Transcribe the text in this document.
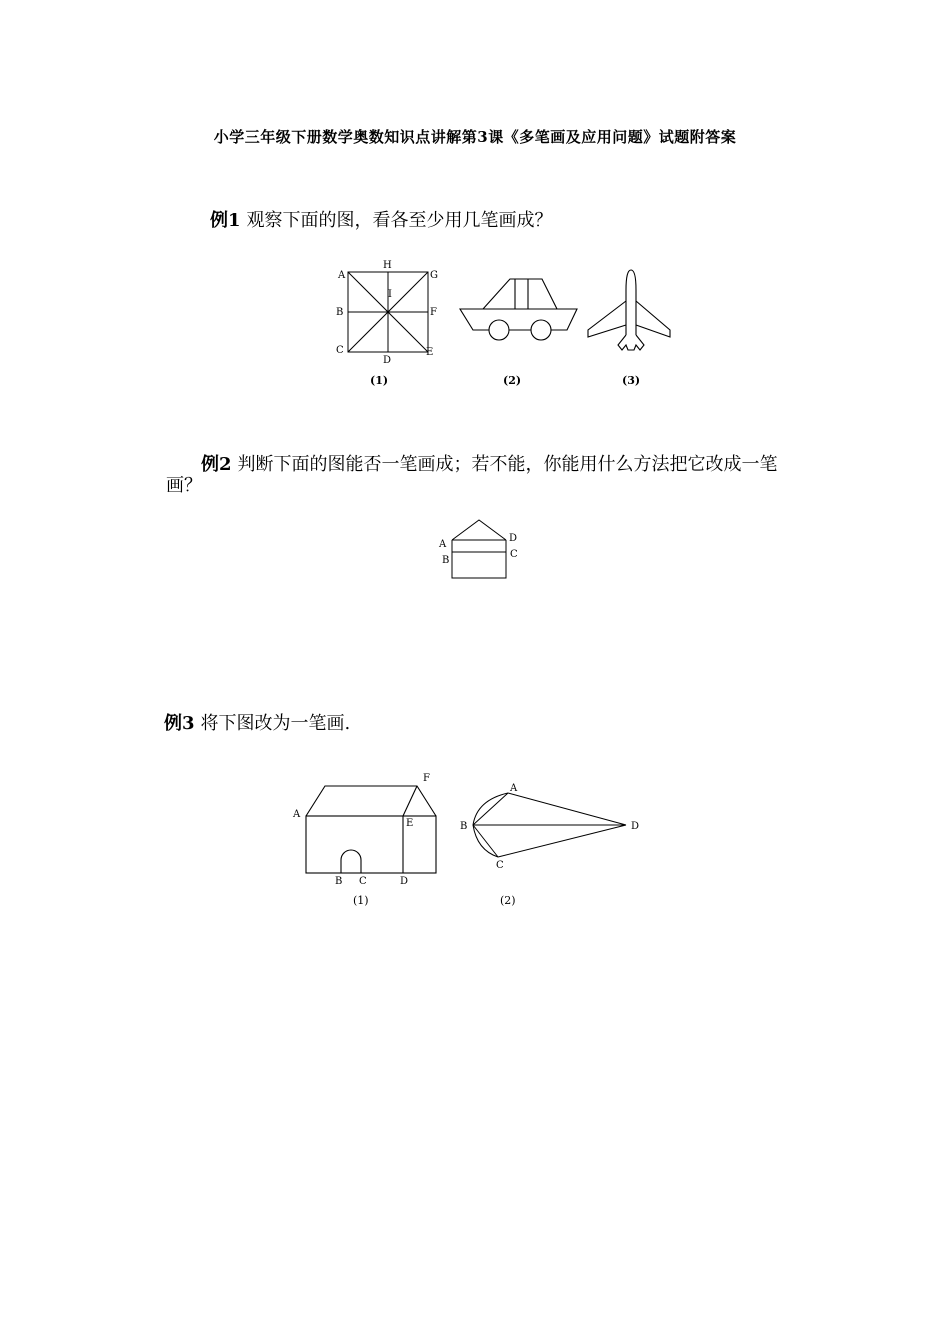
小学三年级下册数学奥数知识点讲解第3课《多笔画及应用问题》试题附答案
例1 观察下面的图，看各至少用几笔画成？
A
H
G
B
I
F
C
D
E
(1)	(2)	(3)
例2 判断下面的图能否一笔画成；若不能，你能用什么方法把它改成一笔
画？
A
B
D
C
例3 将下图改为一笔画.
A
F
E
B C	D
(1)
A
B
C
D
(2)
